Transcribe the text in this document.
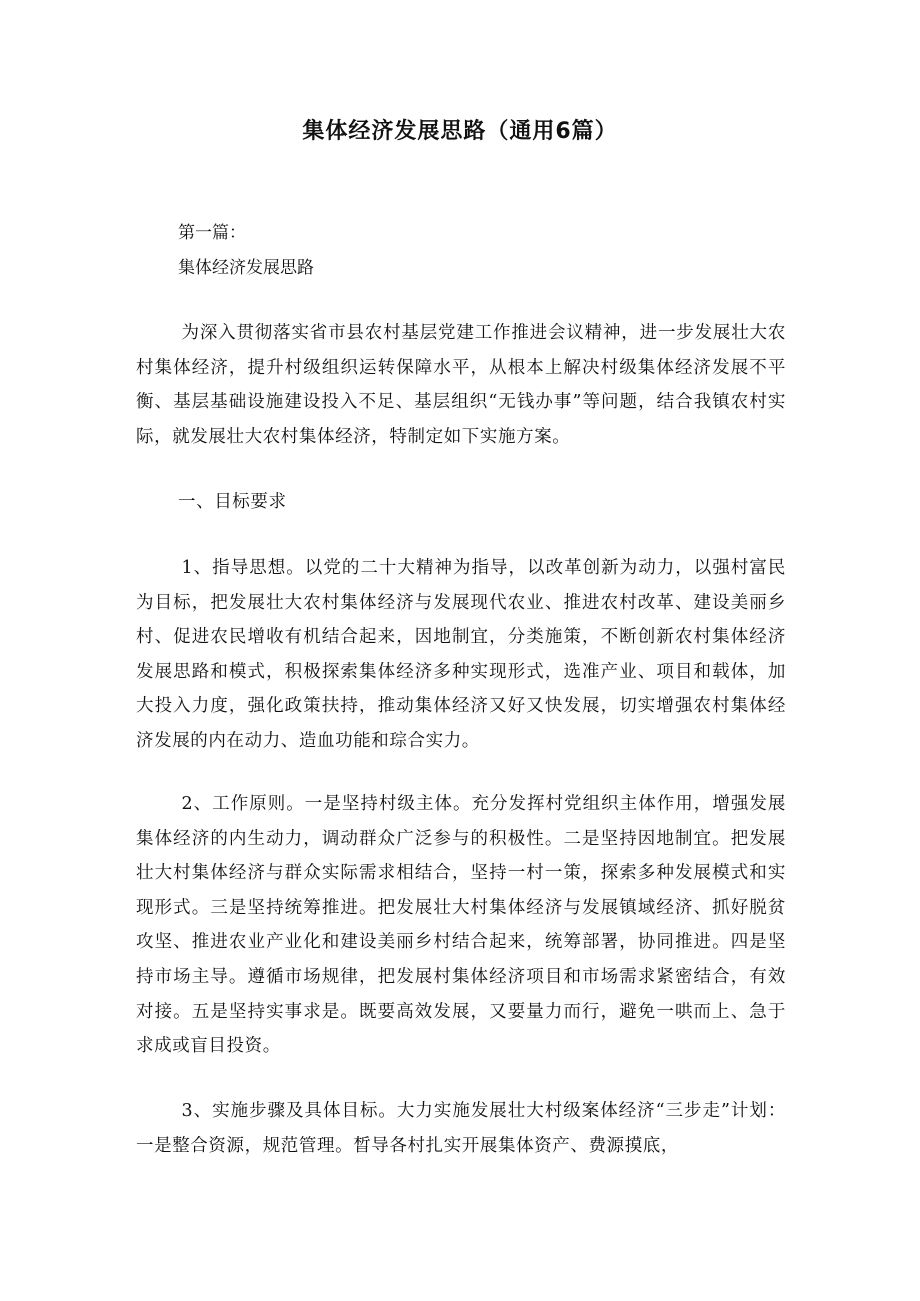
集体经济发展思路（通用6篇）

第一篇：

集体经济发展思路

为深入贯彻落实省市县农村基层党建工作推进会议精神，进一步发展壮大农村集体经济，提升村级组织运转保障水平，从根本上解决村级集体经济发展不平衡、基层基础设施建设投入不足、基层组织“无钱办事”等问题，结合我镇农村实际，就发展壮大农村集体经济，特制定如下实施方案。

一、目标要求

1、指导思想。以党的二十大精神为指导，以改革创新为动力，以强村富民为目标，把发展壮大农村集体经济与发展现代农业、推进农村改革、建设美丽乡村、促进农民增收有机结合起来，因地制宜，分类施策，不断创新农村集体经济发展思路和模式，积极探索集体经济多种实现形式，选准产业、项目和载体，加大投入力度，强化政策扶持，推动集体经济又好又快发展，切实增强农村集体经济发展的内在动力、造血功能和琮合实力。

2、工作原则。一是坚持村级主体。充分发挥村党组织主体作用，增强发展集体经济的内生动力，调动群众广泛参与的积极性。二是坚持因地制宜。把发展壮大村集体经济与群众实际需求相结合，坚持一村一策，探索多种发展模式和实现形式。三是坚持统筹推进。把发展壮大村集体经济与发展镇域经济、抓好脱贫攻坚、推进农业产业化和建设美丽乡村结合起来，统筹部署，协同推进。四是坚持市场主导。遵循市场规律，把发展村集体经济项目和市场需求紧密结合，有效对接。五是坚持实事求是。既要高效发展，又要量力而行，避免一哄而上、急于求成或盲目投资。

3、实施步骤及具体目标。大力实施发展壮大村级案体经济“三步走”计划：一是整合资源，规范管理。晳导各村扎实开展集体资产、费源摸底，
